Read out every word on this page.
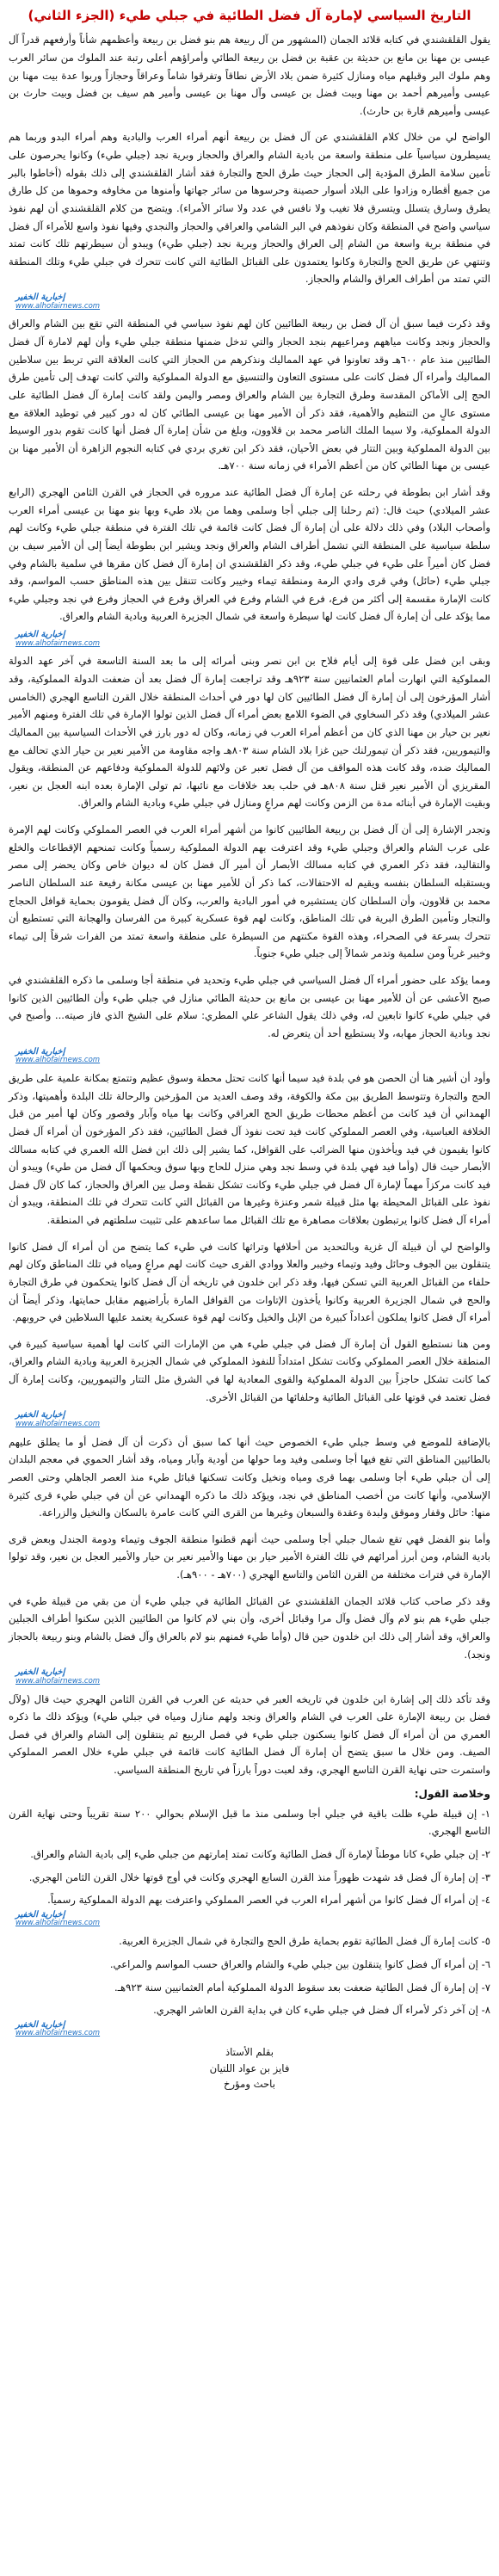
التاريخ السياسي لإمارة آل فضل الطائية في جبلي طيء (الجزء الثاني)

يقول القلقشندي في كتابه قلائد الجمان (المشهور من آل ربيعة هم بنو فضل بن ربيعة وأعظمهم شأناً وأرفعهم قدراً آل عيسى بن مهنا بن مانع بن حديثة بن عقبة بن فضل بن ربيعة الطائي وأمراؤهم أعلى رتبة عند الملوك من سائر العرب وهم ملوك البر وقبلهم مياه ومنازل كثيرة ضمن بلاد الأرض نطاقاً وتفرقوا شاماً وعراقاً وحجازاً وربوا عدة بيت مهنا بن عيسى وأميرهم أحمد بن مهنا وبيت فضل بن عيسى وآل مهنا بن عيسى وأمير هم سيف بن فضل وبيت حارث بن عيسى وأميرهم قارة بن حارث).

الواضح لي من خلال كلام القلقشندي عن آل فضل بن ربيعة أنهم أمراء العرب والبادية وهم أمراء البدو وربما هم يسيطرون سياسياً على منطقة واسعة من بادية الشام والعراق والحجاز وبرية نجد (جبلي طيء) وكانوا يحرصون على تأمين سلامة الطرق المؤدية إلى الحجاز حيث طرق الحج والتجارة فقد أشار القلقشندي إلى ذلك بقوله (أخاطوا بالبر من جميع أقطاره وزادوا على البلاد أسوار حصينة وحرسوها من سائر جهاتها وأمنوها من مخاوفه وحموها من كل طارق يطرق وسارق يتسلل ويتسرق فلا تغيب ولا نافس في عدد ولا سائر الأمراء). ويتضح من كلام القلقشندي أن لهم نفوذ سياسي واضح في المنطقة وكان نفوذهم في البر الشامي والعراقي والحجاز والنجدي وفيها نفوذ واسع للأمراء آل فضل في منطقة برية واسعة من الشام إلى العراق والحجاز وبرية نجد (جبلي طيء) ويبدو أن سيطرتهم تلك كانت تمتد وتنتهي عن طريق الحج والتجارة وكانوا يعتمدون على القبائل الطائية التي كانت تتحرك في جبلي طيء وتلك المنطقة التي تمتد من أطراف العراق والشام والحجاز.

إخبارية الخفير
www.alhofairnews.com

وقد ذكرت فيما سبق أن آل فضل بن ربيعة الطائيين كان لهم نفوذ سياسي في المنطقة التي تقع بين الشام والعراق والحجاز ونجد وكانت مياههم ومراعيهم بنجد الحجاز والتي تدخل ضمنها منطقة جبلي طيء وأن لهم لامارة آل فضل الطائيين منذ عام ٦٠٠هـ وقد تعاونوا في عهد المماليك ونذكرهم من الحجاز التي كانت العلاقة التي تربط بين سلاطين المماليك وأمراء آل فضل كانت على مستوى التعاون والتنسيق مع الدولة المملوكية والتي كانت تهدف إلى تأمين طرق الحج إلى الأماكن المقدسة وطرق التجارة بين الشام والعراق ومصر واليمن ولقد كانت إمارة آل فضل الطائية على مستوى عالٍ من التنظيم والأهمية، فقد ذكر أن الأمير مهنا بن عيسى الطائي كان له دور كبير في توطيد العلاقة مع الدولة المملوكية، ولا سيما الملك الناصر محمد بن قلاوون، وبلغ من شأن إمارة آل فضل أنها كانت تقوم بدور الوسيط بين الدولة المملوكية وبين التتار في بعض الأحيان، فقد ذكر ابن تغري بردي في كتابه النجوم الزاهرة أن الأمير مهنا بن عيسى بن مهنا الطائي كان من أعظم الأمراء في زمانه سنة ٧٠٠هـ.

وقد أشار ابن بطوطة في رحلته عن إمارة آل فضل الطائية عند مروره في الحجاز في القرن الثامن الهجري (الرابع عشر الميلادي) حيث قال: (ثم رحلنا إلى جبلي أجا وسلمى وهما من بلاد طيء وبها بنو مهنا بن عيسى أمراء العرب وأصحاب البلاد) وفي ذلك دلالة على أن إمارة آل فضل كانت قائمة في تلك الفترة في منطقة جبلي طيء وكانت لهم سلطة سياسية على المنطقة التي تشمل أطراف الشام والعراق ونجد ويشير ابن بطوطة أيضاً إلى أن الأمير سيف بن فضل كان أميراً على طيء في جبلي طيء، وقد ذكر القلقشندي ان إمارة آل فضل كان مقرها في سلمية بالشام وفي جبلي طيء (حائل) وفي قرى وادي الرمة ومنطقة تيماء وخيبر وكانت تتنقل بين هذه المناطق حسب المواسم، وقد كانت الإمارة مقسمة إلى أكثر من فرع، فرع في الشام وفرع في العراق وفرع في الحجاز وفرع في نجد وجبلي طيء مما يؤكد على أن إمارة آل فضل كانت لها سيطرة واسعة في شمال الجزيرة العربية وبادية الشام والعراق.

إخبارية الخفير
www.alhofairnews.com

وبقى ابن فضل على قوة إلى أيام فلاح بن ابن نصر وبنى أمرائه إلى ما بعد السنة التاسعة في آخر عهد الدولة المملوكية التي انهارت أمام العثمانيين سنة ٩٢٣هـ وقد تراجعت إمارة آل فضل بعد أن ضعفت الدولة المملوكية، وقد أشار المؤرخون إلى أن إمارة آل فضل الطائيين كان لها دور في أحداث المنطقة خلال القرن التاسع الهجري (الخامس عشر الميلادي) وقد ذكر السخاوي في الضوء اللامع بعض أمراء آل فضل الذين تولوا الإمارة في تلك الفترة ومنهم الأمير نعير بن حيار بن مهنا الذي كان من أعظم أمراء العرب في زمانه، وكان له دور بارز في الأحداث السياسية بين المماليك والتيموريين، فقد ذكر أن تيمورلنك حين غزا بلاد الشام سنة ٨٠٣هـ واجه مقاومة من الأمير نعير بن حيار الذي تحالف مع المماليك ضده، وقد كانت هذه المواقف من آل فضل تعبر عن ولائهم للدولة المملوكية ودفاعهم عن المنطقة، ويقول المقريزي أن الأمير نعير قتل سنة ٨٠٨هـ في حلب بعد خلافات مع نائبها، ثم تولى الإمارة بعده ابنه العجل بن نعير، وبقيت الإمارة في أبنائه مدة من الزمن وكانت لهم مراعٍ ومنازل في جبلي طيء وبادية الشام والعراق.

وتجدر الإشارة إلى أن آل فضل بن ربيعة الطائيين كانوا من أشهر أمراء العرب في العصر المملوكي وكانت لهم الإمرة على عرب الشام والعراق وجبلي طيء وقد اعترفت بهم الدولة المملوكية رسمياً وكانت تمنحهم الإقطاعات والخلع والتقاليد، فقد ذكر العمري في كتابه مسالك الأبصار أن أمير آل فضل كان له ديوان خاص وكان يحضر إلى مصر ويستقبله السلطان بنفسه ويقيم له الاحتفالات، كما ذكر أن للأمير مهنا بن عيسى مكانة رفيعة عند السلطان الناصر محمد بن قلاوون، وأن السلطان كان يستشيره في أمور البادية والعرب، وكان آل فضل يقومون بحماية قوافل الحجاج والتجار وتأمين الطرق البرية في تلك المناطق، وكانت لهم قوة عسكرية كبيرة من الفرسان والهجانة التي تستطيع أن تتحرك بسرعة في الصحراء، وهذه القوة مكنتهم من السيطرة على منطقة واسعة تمتد من الفرات شرقاً إلى تيماء وخيبر غرباً ومن سلمية وتدمر شمالاً إلى جبلي طيء جنوباً.

ومما يؤكد على حضور أمراء آل فضل السياسي في جبلي طيء وتحديد في منطقة أجا وسلمى ما ذكره القلقشندي في صبح الأعشى عن أن للأمير مهنا بن عيسى بن مانع بن حديثة الطائي منازل في جبلي طيء وأن الطائيين الذين كانوا في جبلي طيء كانوا تابعين له، وفي ذلك يقول الشاعر علي المطري: سلام على الشيخ الذي فاز صيته... وأصبح في نجد وبادية الحجاز مهابه، ولا يستطيع أحد أن يتعرض له.

إخبارية الخفير
www.alhofairnews.com

وأود أن أشير هنا أن الحصن هو في بلدة فيد سيما أنها كانت تحتل محطة وسوق عظيم وتتمتع بمكانة علمية على طريق الحج والتجارة وتتوسط الطريق بين مكة والكوفة، وقد وصف العديد من المؤرخين والرحالة تلك البلدة وأهميتها، وذكر الهمداني أن فيد كانت من أعظم محطات طريق الحج العراقي وكانت بها مياه وآبار وقصور وكان لها أمير من قبل الخلافة العباسية، وفي العصر المملوكي كانت فيد تحت نفوذ آل فضل الطائيين، فقد ذكر المؤرخون أن أمراء آل فضل كانوا يقيمون في فيد ويأخذون منها الضرائب على القوافل، كما يشير إلى ذلك ابن فضل الله العمري في كتابه مسالك الأبصار حيث قال (وأما فيد فهي بلدة في وسط نجد وهي منزل للحاج وبها سوق ويحكمها آل فضل من طيء) ويبدو أن فيد كانت مركزاً مهماً لإمارة آل فضل في جبلي طيء وكانت تشكل نقطة وصل بين العراق والحجاز، كما كان لآل فضل نفوذ على القبائل المحيطة بها مثل قبيلة شمر وعنزة وغيرها من القبائل التي كانت تتحرك في تلك المنطقة، ويبدو أن أمراء آل فضل كانوا يرتبطون بعلاقات مصاهرة مع تلك القبائل مما ساعدهم على تثبيت سلطتهم في المنطقة.

والواضح لي أن قبيلة آل غزية وبالتحديد من أحلافها وتراثها كانت في طيء كما يتضح من أن أمراء آل فضل كانوا يتنقلون بين الجوف وحائل وفيد وتيماء وخيبر والعلا ووادي القرى حيث كانت لهم مراعٍ ومياه في تلك المناطق وكان لهم حلفاء من القبائل العربية التي تسكن فيها، وقد ذكر ابن خلدون في تاريخه أن آل فضل كانوا يتحكمون في طرق التجارة والحج في شمال الجزيرة العربية وكانوا يأخذون الإتاوات من القوافل المارة بأراضيهم مقابل حمايتها، وذكر أيضاً أن أمراء آل فضل كانوا يملكون أعداداً كبيرة من الإبل والخيل وكانت لهم قوة عسكرية يعتمد عليها السلاطين في حروبهم.

ومن هنا نستطيع القول أن إمارة آل فضل في جبلي طيء هي من الإمارات التي كانت لها أهمية سياسية كبيرة في المنطقة خلال العصر المملوكي وكانت تشكل امتداداً للنفوذ المملوكي في شمال الجزيرة العربية وبادية الشام والعراق، كما كانت تشكل حاجزاً بين الدولة المملوكية والقوى المعادية لها في الشرق مثل التتار والتيموريين، وكانت إمارة آل فضل تعتمد في قوتها على القبائل الطائية وحلفائها من القبائل الأخرى.

إخبارية الخفير
www.alhofairnews.com

بالإضافة للموضع في وسط جبلي طيء الخصوص حيث أنها كما سبق أن ذكرت أن آل فضل أو ما يطلق عليهم بالطائيين المناطق التي تقع فيها أجا وسلمى وفيد وما حولها من أودية وآبار ومياه، وقد أشار الحموي في معجم البلدان إلى أن جبلي طيء أجا وسلمى بهما قرى ومياه ونخيل وكانت تسكنها قبائل طيء منذ العصر الجاهلي وحتى العصر الإسلامي، وأنها كانت من أخصب المناطق في نجد، ويؤكد ذلك ما ذكره الهمداني عن أن في جبلي طيء قرى كثيرة منها: حائل وقفار وموقق ولبدة وعقدة والسبعان وغيرها من القرى التي كانت عامرة بالسكان والنخيل والزراعة.

وأما بنو الفضل فهي تقع شمال جبلي أجا وسلمى حيث أنهم قطنوا منطقة الجوف وتيماء ودومة الجندل وبعض قرى بادية الشام، ومن أبرز أمرائهم في تلك الفترة الأمير حيار بن مهنا والأمير نعير بن حيار والأمير العجل بن نعير، وقد تولوا الإمارة في فترات مختلفة من القرن الثامن والتاسع الهجري (٧٠٠هـ - ٩٠٠هـ).

وقد ذكر صاحب كتاب قلائد الجمان القلقشندي عن القبائل الطائية في جبلي طيء أن من بقي من قبيلة طيء في جبلي طيء هم بنو لام وآل فضل وآل مرا وقبائل أخرى، وأن بني لام كانوا من الطائيين الذين سكنوا أطراف الجبلين والعراق، وقد أشار إلى ذلك ابن خلدون حين قال (وأما طيء فمنهم بنو لام بالعراق وآل فضل بالشام وبنو ربيعة بالحجاز ونجد).

إخبارية الخفير
www.alhofairnews.com

وقد تأكد ذلك إلى إشارة ابن خلدون في تاريخه العبر في حديثه عن العرب في القرن الثامن الهجري حيث قال (ولآل فضل بن ربيعة الإمارة على العرب في الشام والعراق ونجد ولهم منازل ومياه في جبلي طيء) ويؤكد ذلك ما ذكره العمري من أن أمراء آل فضل كانوا يسكنون جبلي طيء في فصل الربيع ثم ينتقلون إلى الشام والعراق في فصل الصيف. ومن خلال ما سبق يتضح أن إمارة آل فضل الطائية كانت قائمة في جبلي طيء خلال العصر المملوكي واستمرت حتى نهاية القرن التاسع الهجري، وقد لعبت دوراً بارزاً في تاريخ المنطقة السياسي.

وخلاصة القول:

١- إن قبيلة طيء ظلت باقية في جبلي أجا وسلمى منذ ما قبل الإسلام بحوالي ٢٠٠ سنة تقريباً وحتى نهاية القرن التاسع الهجري.

٢- إن جبلي طيء كانا موطناً لإمارة آل فضل الطائية وكانت تمتد إمارتهم من جبلي طيء إلى بادية الشام والعراق.

٣- إن إمارة آل فضل قد شهدت ظهوراً منذ القرن السابع الهجري وكانت في أوج قوتها خلال القرن الثامن الهجري.

٤- إن أمراء آل فضل كانوا من أشهر أمراء العرب في العصر المملوكي واعترفت بهم الدولة المملوكية رسمياً.

إخبارية الخفير
www.alhofairnews.com

٥- كانت إمارة آل فضل الطائية تقوم بحماية طرق الحج والتجارة في شمال الجزيرة العربية.

٦- إن أمراء آل فضل كانوا يتنقلون بين جبلي طيء والشام والعراق حسب المواسم والمراعي.

٧- إن إمارة آل فضل الطائية ضعفت بعد سقوط الدولة المملوكية أمام العثمانيين سنة ٩٢٣هـ.

٨- إن آخر ذكر لأمراء آل فضل في جبلي طيء كان في بداية القرن العاشر الهجري.

إخبارية الخفير
www.alhofairnews.com
بقلم الأستاذ
فايز بن عواد اللتيان
باحث ومؤرخ
